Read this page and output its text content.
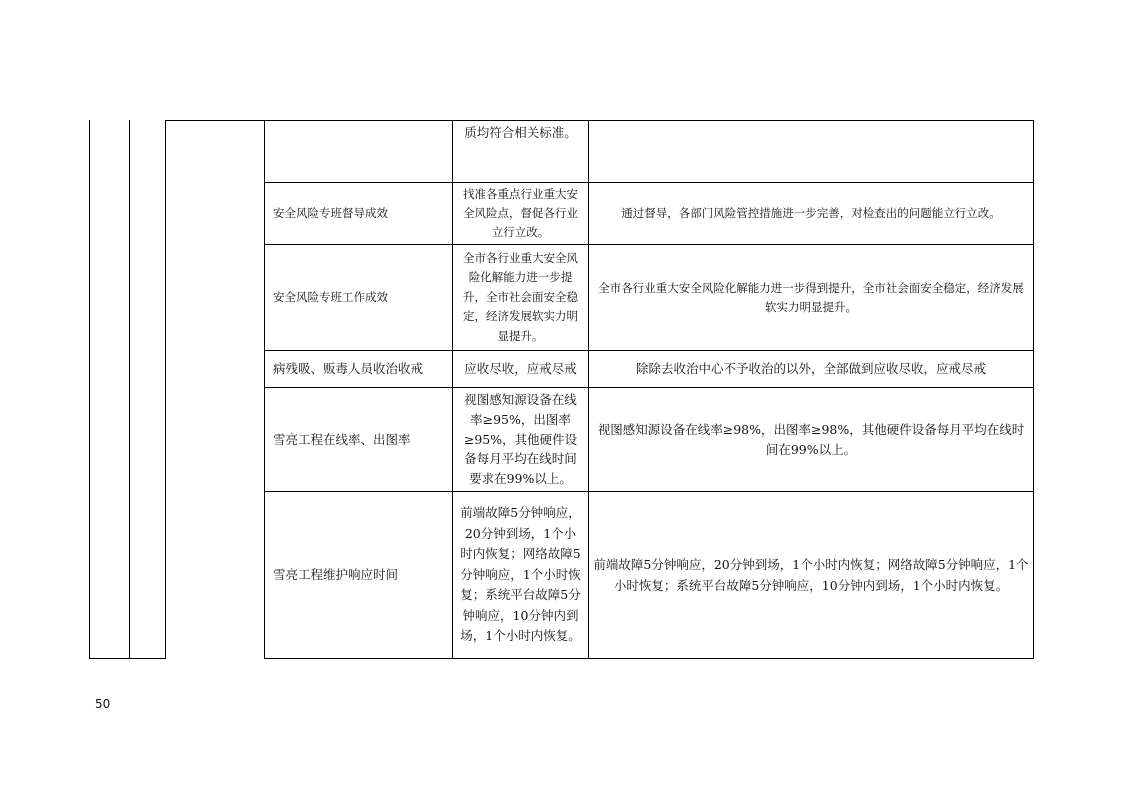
质均符合相关标准。
安全风险专班督导成效
找准各重点行业重大安全风险点，督促各行业立行立改。
通过督导，各部门风险管控措施进一步完善，对检查出的问题能立行立改。
安全风险专班工作成效
全市各行业重大安全风险化解能力进一步提升，全市社会面安全稳定，经济发展软实力明显提升。
全市各行业重大安全风险化解能力进一步得到提升，全市社会面安全稳定，经济发展软实力明显提升。
病残吸、贩毒人员收治收戒	应收尽收，应戒尽戒	除除去收治中心不予收治的以外，全部做到应收尽收，应戒尽戒
雪亮工程在线率、出图率
视图感知源设备在线率≥95%，出图率≥95%，其他硬件设备每月平均在线时间要求在99%以上。
视图感知源设备在线率≥98%，出图率≥98%，其他硬件设备每月平均在线时间在99%以上。
雪亮工程维护响应时间
前端故障5分钟响应，20分钟到场，1个小时内恢复；网络故障5分钟响应，1个小时恢复；系统平台故障5分钟响应，10分钟内到场，1个小时内恢复。
前端故障5分钟响应，20分钟到场，1个小时内恢复；网络故障5分钟响应，1个小时恢复；系统平台故障5分钟响应，10分钟内到场，1个小时内恢复。
50
